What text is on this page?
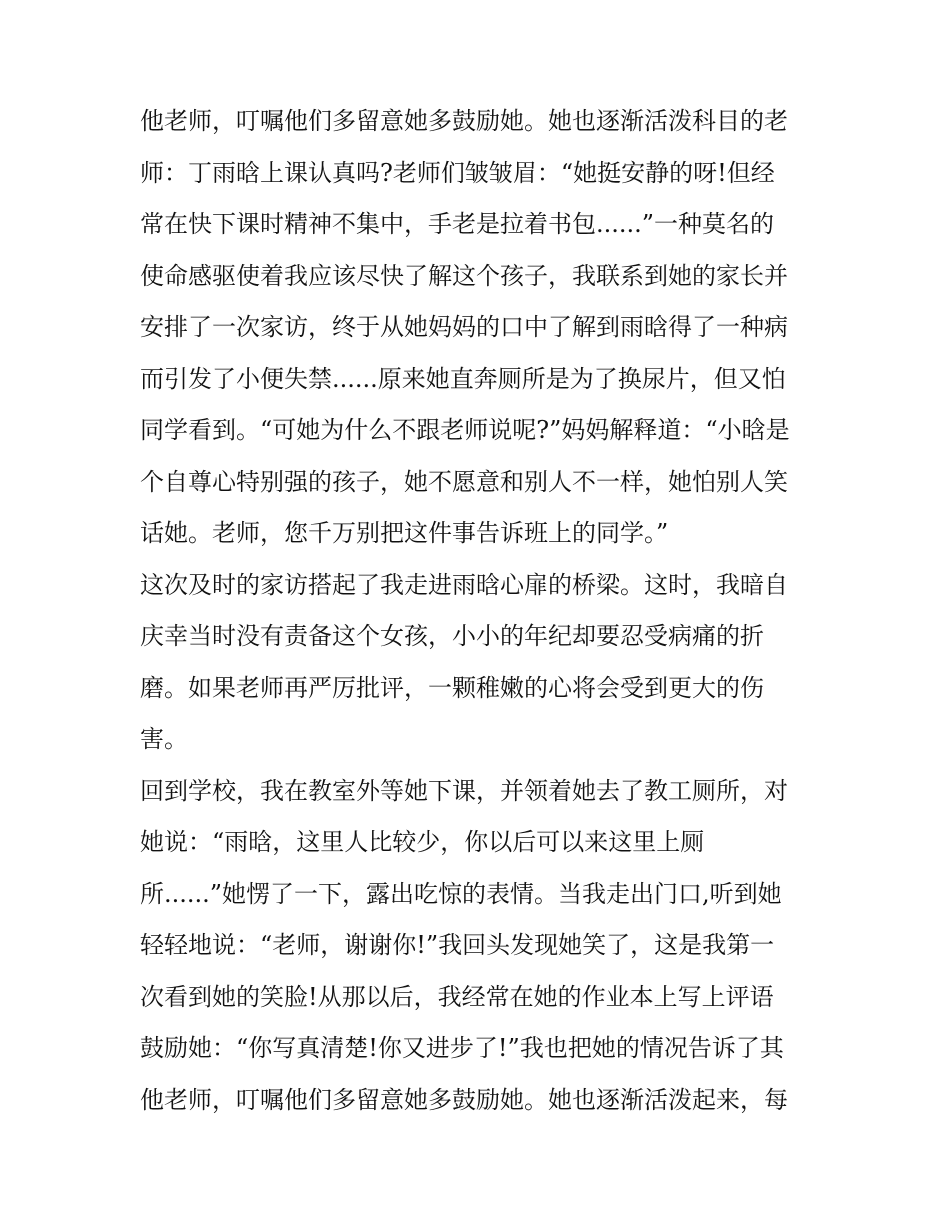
他老师，叮嘱他们多留意她多鼓励她。她也逐渐活泼科目的老
师：丁雨晗上课认真吗?老师们皱皱眉：“她挺安静的呀!但经
常在快下课时精神不集中，手老是拉着书包......”一种莫名的
使命感驱使着我应该尽快了解这个孩子，我联系到她的家长并
安排了一次家访，终于从她妈妈的口中了解到雨晗得了一种病
而引发了小便失禁......原来她直奔厕所是为了换尿片，但又怕
同学看到。“可她为什么不跟老师说呢?”妈妈解释道：“小晗是
个自尊心特别强的孩子，她不愿意和别人不一样，她怕别人笑
话她。老师，您千万别把这件事告诉班上的同学。”
这次及时的家访搭起了我走进雨晗心扉的桥梁。这时，我暗自
庆幸当时没有责备这个女孩，小小的年纪却要忍受病痛的折
磨。如果老师再严厉批评，一颗稚嫩的心将会受到更大的伤
害。
回到学校，我在教室外等她下课，并领着她去了教工厕所，对
她说：“雨晗，这里人比较少，你以后可以来这里上厕
所......”她愣了一下，露出吃惊的表情。当我走出门口,听到她
轻轻地说：“老师，谢谢你!”我回头发现她笑了，这是我第一
次看到她的笑脸!从那以后，我经常在她的作业本上写上评语
鼓励她：“你写真清楚!你又进步了!”我也把她的情况告诉了其
他老师，叮嘱他们多留意她多鼓励她。她也逐渐活泼起来，每
